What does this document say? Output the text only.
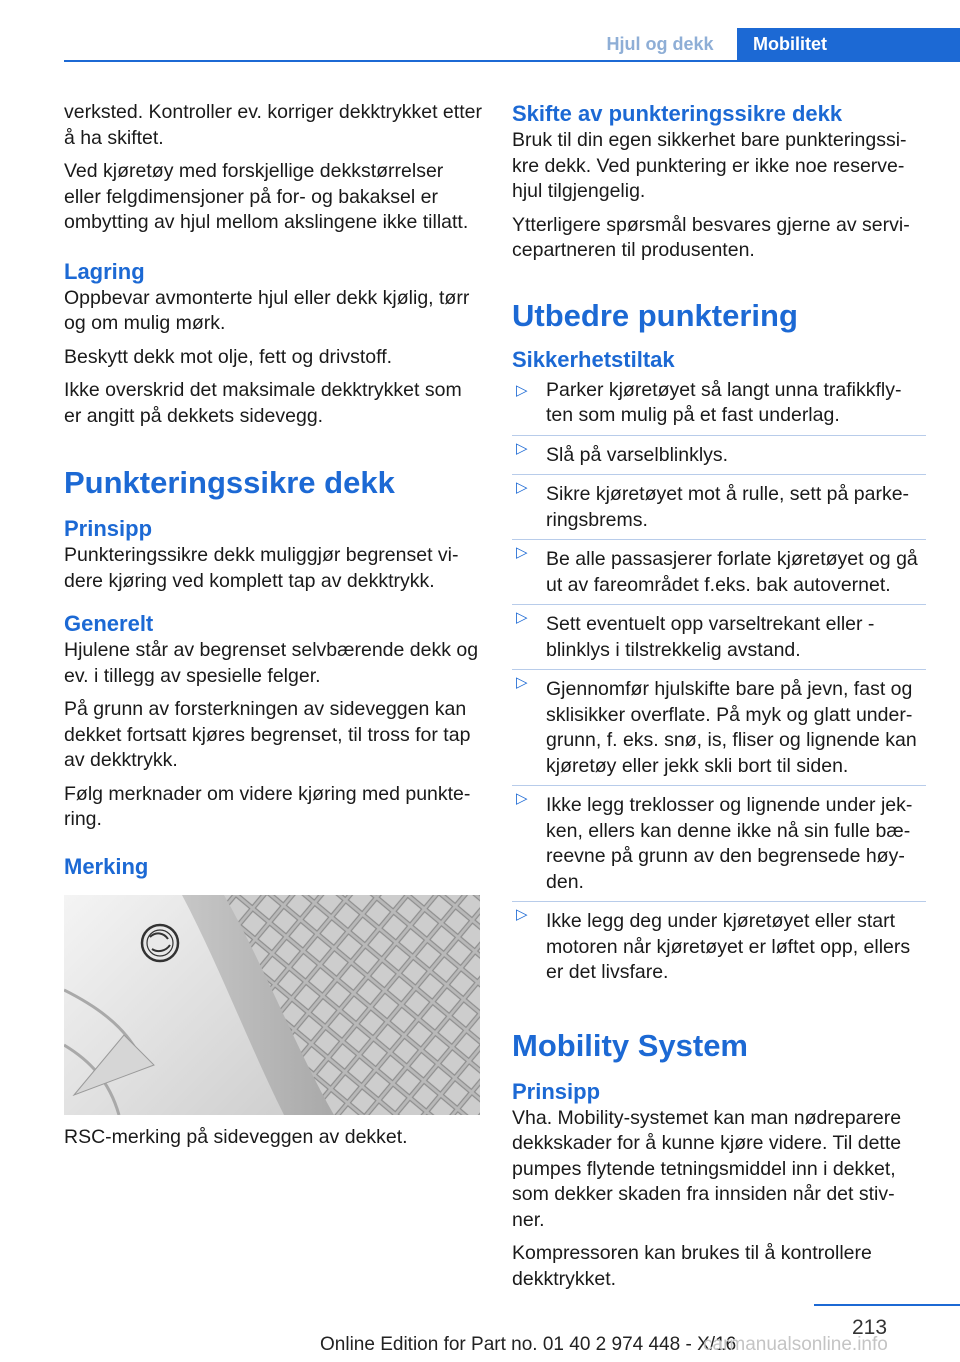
Hjul og dekk	Mobilitet

verksted. Kontroller ev. korriger dekktrykket etter å ha skiftet.

Ved kjøretøy med forskjellige dekkstørrelser eller felgdimensjoner på for- og bakaksel er ombytting av hjul mellom akslingene ikke tillatt.

Lagring

Oppbevar avmonterte hjul eller dekk kjølig, tørr og om mulig mørk.

Beskytt dekk mot olje, fett og drivstoff.

Ikke overskrid det maksimale dekktrykket som er angitt på dekkets sidevegg.

Punkteringssikre dekk
Prinsipp

Punkteringssikre dekk muliggjør begrenset vi-dere kjøring ved komplett tap av dekktrykk.

Generelt

Hjulene står av begrenset selvbærende dekk og ev. i tillegg av spesielle felger.

På grunn av forsterkningen av sideveggen kan dekket fortsatt kjøres begrenset, til tross for tap av dekktrykk.

Følg merknader om videre kjøring med punkte-ring.

Merking

RSC-merking på sideveggen av dekket.

Skifte av punkteringssikre dekk

Bruk til din egen sikkerhet bare punkteringssi-kre dekk. Ved punktering er ikke noe reserve-hjul tilgjengelig.

Ytterligere spørsmål besvares gjerne av servi-cepartneren til produsenten.

Utbedre punktering
Sikkerhetstiltak
▷ Parker kjøretøyet så langt unna trafikkfly-ten som mulig på et fast underlag.
▷ Slå på varselblinklys.
▷ Sikre kjøretøyet mot å rulle, sett på parke-ringsbrems.
▷ Be alle passasjerer forlate kjøretøyet og gå ut av fareområdet f.eks. bak autovernet.
▷ Sett eventuelt opp varseltrekant eller -blinklys i tilstrekkelig avstand.
▷ Gjennomfør hjulskifte bare på jevn, fast og sklisikker overflate. På myk og glatt under-grunn, f. eks. snø, is, fliser og lignende kan kjøretøy eller jekk skli bort til siden.
▷ Ikke legg treklosser og lignende under jek-ken, ellers kan denne ikke nå sin fulle bæ-reevne på grunn av den begrensede høy-den.
▷ Ikke legg deg under kjøretøyet eller start motoren når kjøretøyet er løftet opp, ellers er det livsfare.
Mobility System
Prinsipp

Vha. Mobility-systemet kan man nødreparere dekkskader for å kunne kjøre videre. Til dette pumpes flytende tetningsmiddel inn i dekket, som dekker skaden fra innsiden når det stiv-ner.

Kompressoren kan brukes til å kontrollere dekktrykket.

213
Online Edition for Part no. 01 40 2 974 448 - X/16
carmanualsonline.info
